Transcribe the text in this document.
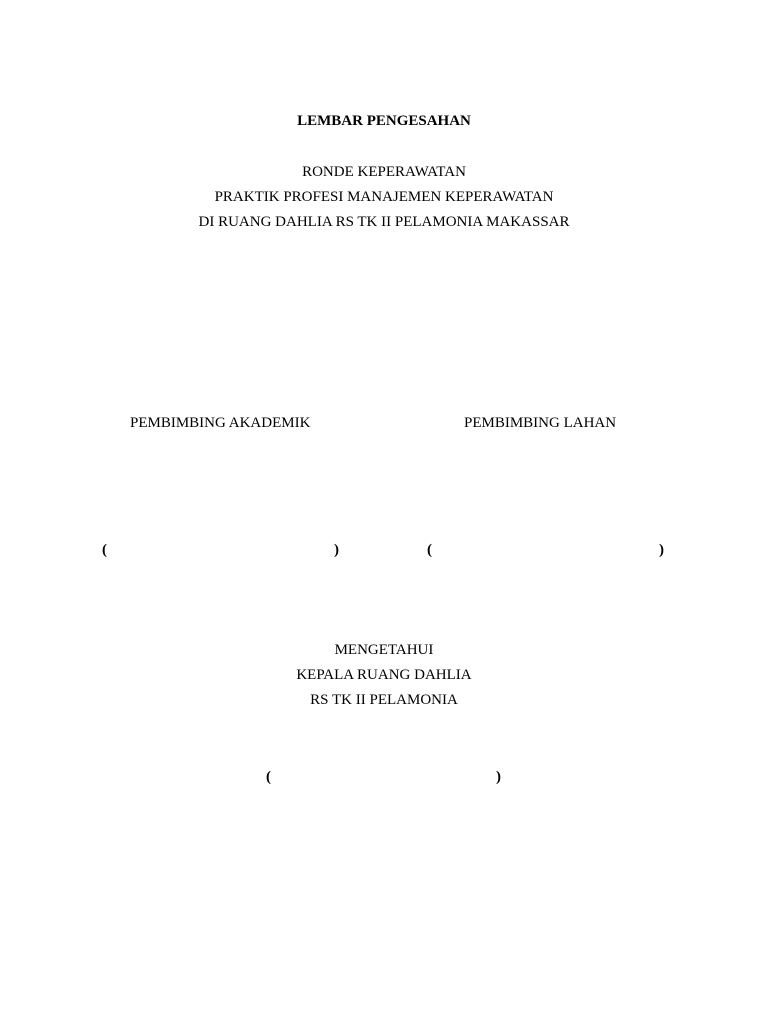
LEMBAR PENGESAHAN
RONDE KEPERAWATAN
PRAKTIK PROFESI MANAJEMEN KEPERAWATAN
DI RUANG DAHLIA RS TK II PELAMONIA MAKASSAR
PEMBIMBING AKADEMIK	PEMBIMBING LAHAN
(	)	(	)
MENGETAHUI
KEPALA RUANG DAHLIA
RS TK II PELAMONIA
(	)
